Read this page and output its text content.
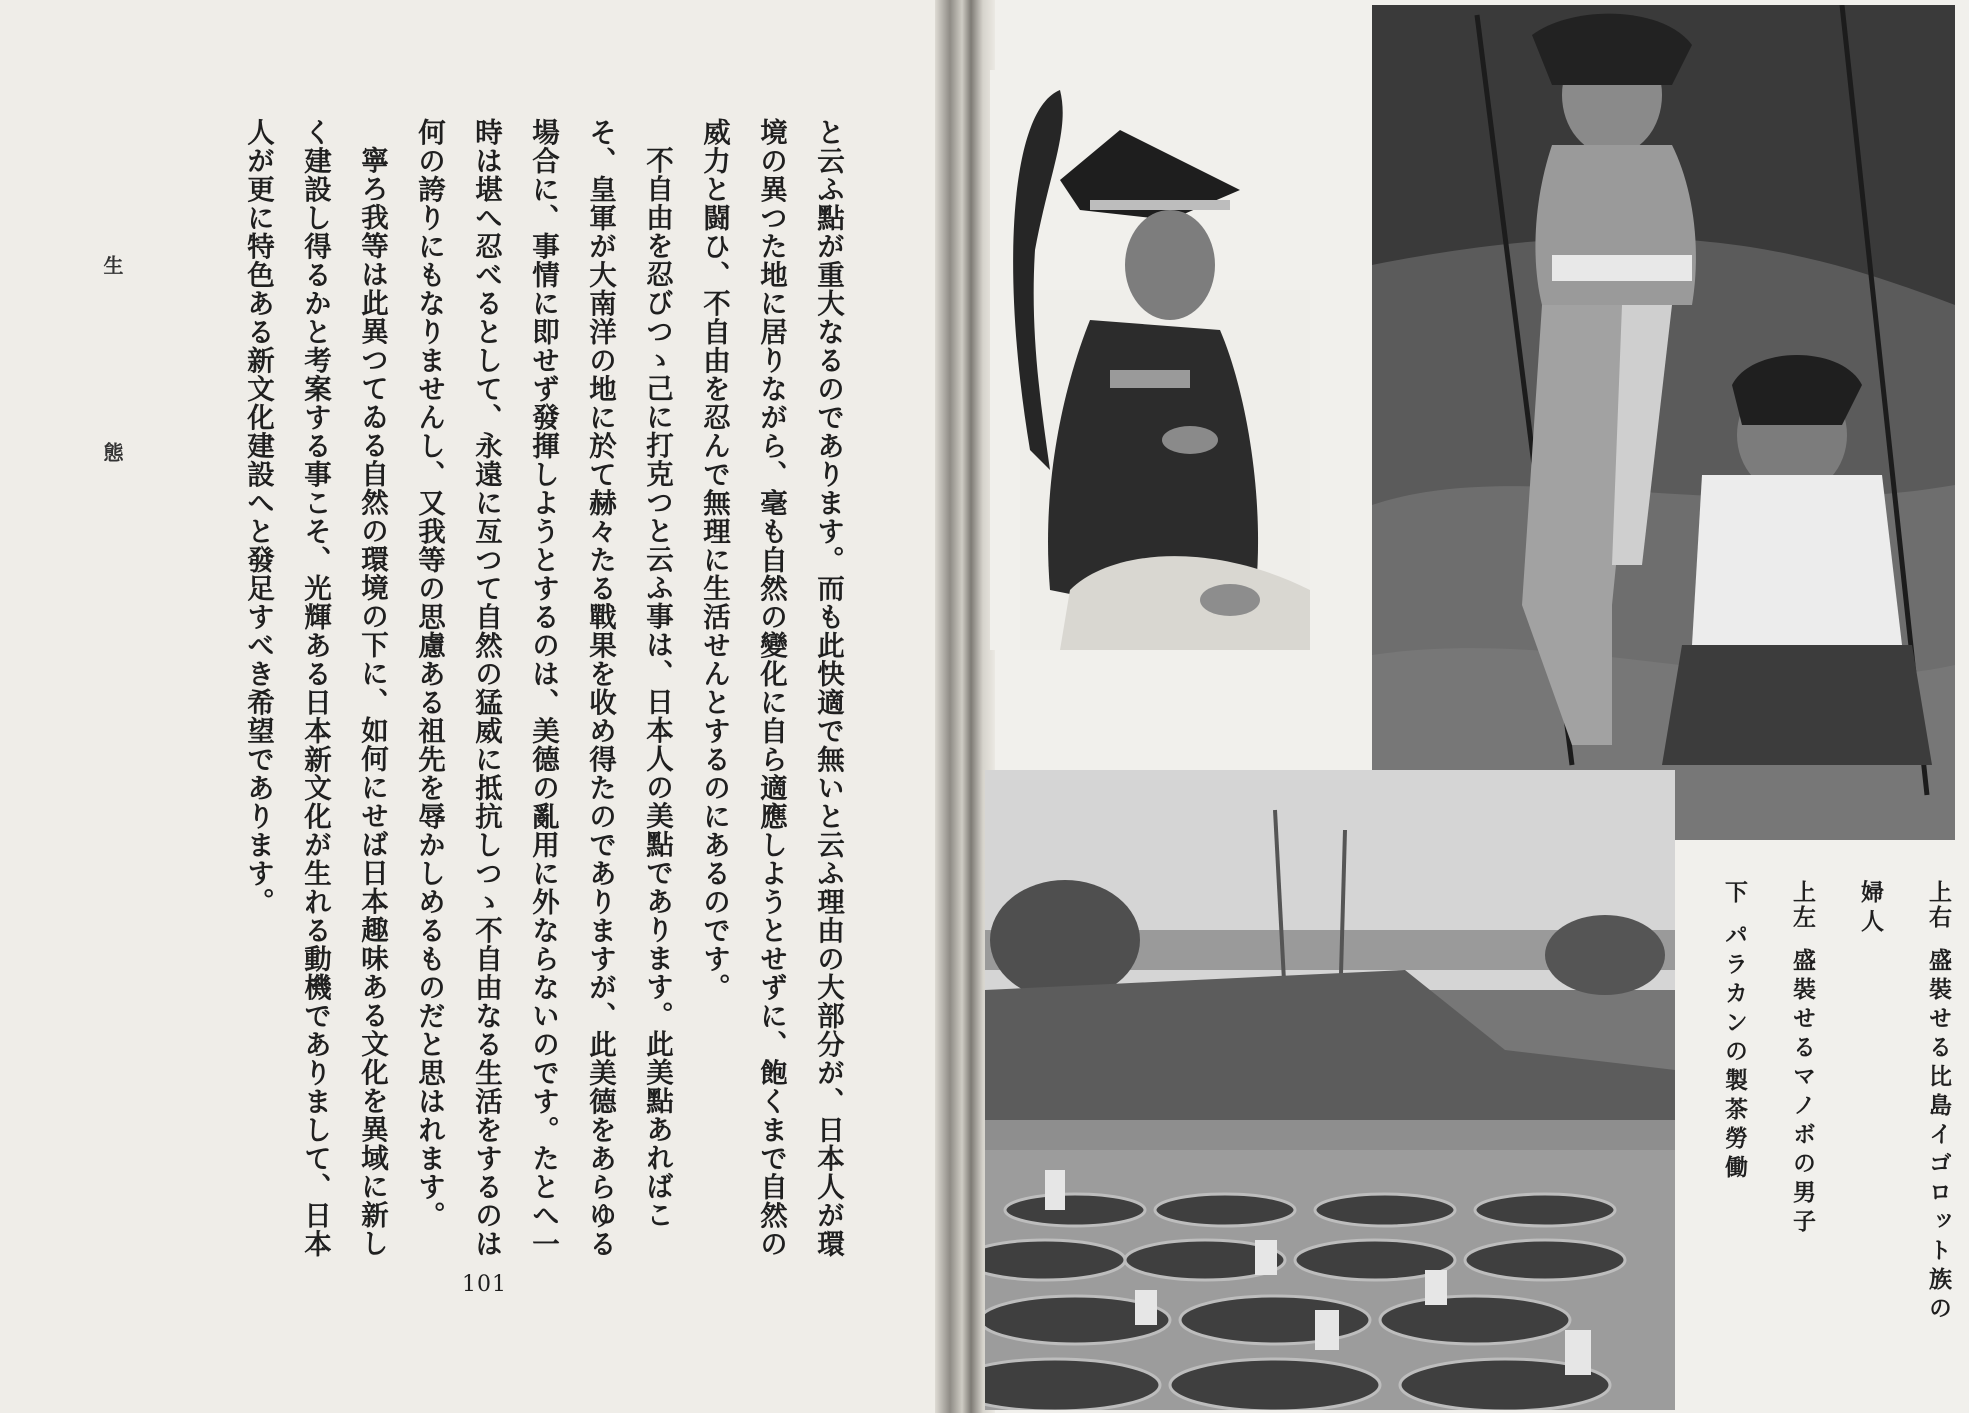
生 態	と云ふ點が重大なるのであります。而も此快適で無いと云ふ理由の大部分が、日本人が環境の異つた地に居りながら、毫も自然の變化に自ら適應しようとせずに、飽くまで自然の威力と闘ひ、不自由を忍んで無理に生活せんとするのにあるのです。

不自由を忍びつゝ己に打克つと云ふ事は、日本人の美點であります。此美點あればこそ、皇軍が大南洋の地に於て赫々たる戰果を收め得たのでありますが、此美德をあらゆる場合に、事情に即せず發揮しようとするのは、美德の亂用に外ならないのです。たとへ一時は堪へ忍べるとして、永遠に亙つて自然の猛威に抵抗しつゝ不自由なる生活をするのは何の誇りにもなりませんし、又我等の思慮ある祖先を辱かしめるものだと思はれます。

寧ろ我等は此異つてゐる自然の環境の下に、如何にせば日本趣味ある文化を異域に新しく建設し得るかと考案する事こそ、光輝ある日本新文化が生れる動機でありまして、日本人が更に特色ある新文化建設へと發足すべき希望であります。

101
上右盛裝せる比島イゴロット族の婦人
上左盛裝せるマノボの男子
下パラカンの製茶勞働
